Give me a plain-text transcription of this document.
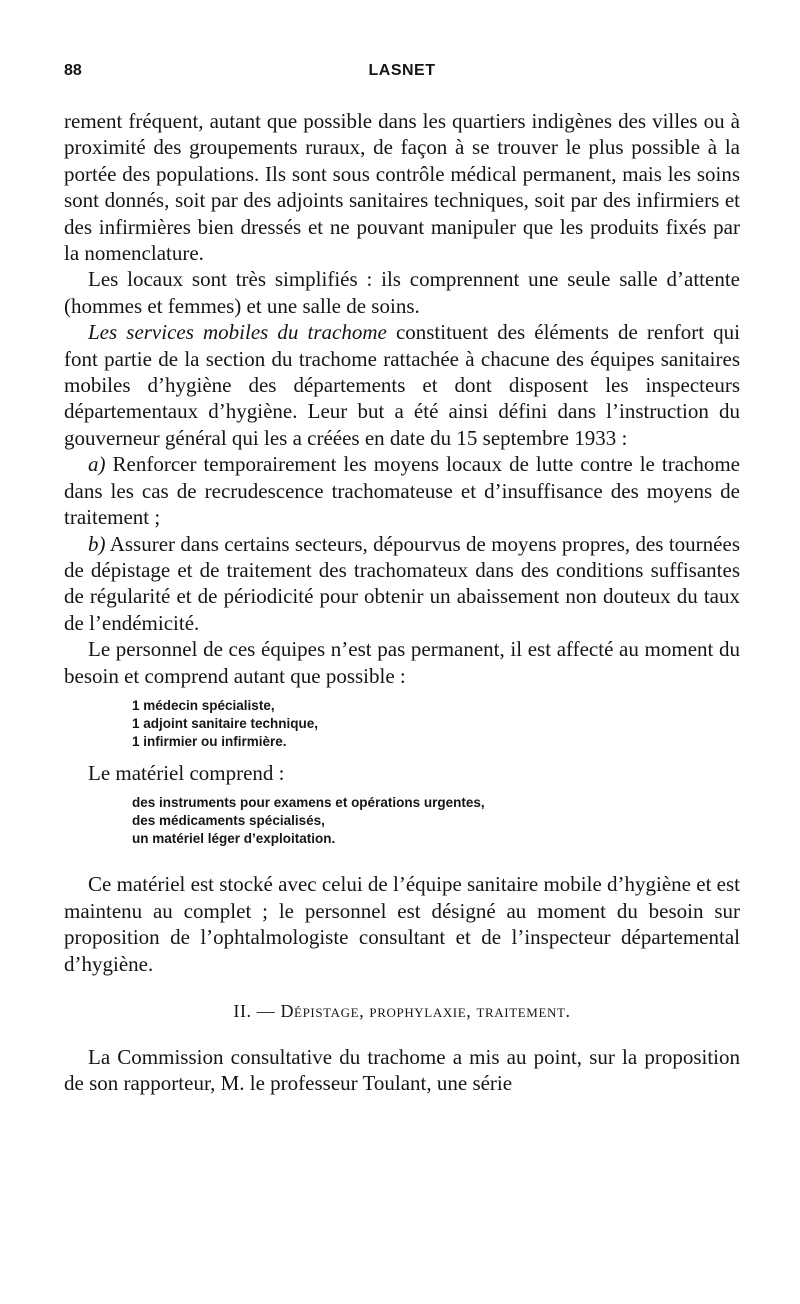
88	LASNET

rement fréquent, autant que possible dans les quartiers indigènes des villes ou à proximité des groupements ruraux, de façon à se trouver le plus possible à la portée des populations. Ils sont sous contrôle médical permanent, mais les soins sont donnés, soit par des adjoints sanitaires techniques, soit par des infirmiers et des infirmières bien dressés et ne pouvant manipuler que les produits fixés par la nomenclature.

Les locaux sont très simplifiés : ils comprennent une seule salle d’attente (hommes et femmes) et une salle de soins.

Les services mobiles du trachome constituent des éléments de renfort qui font partie de la section du trachome rattachée à chacune des équipes sanitaires mobiles d’hygiène des départements et dont disposent les inspecteurs départementaux d’hygiène. Leur but a été ainsi défini dans l’instruction du gouverneur général qui les a créées en date du 15 septembre 1933 :

a) Renforcer temporairement les moyens locaux de lutte contre le trachome dans les cas de recrudescence trachomateuse et d’insuffisance des moyens de traitement ;

b) Assurer dans certains secteurs, dépourvus de moyens propres, des tournées de dépistage et de traitement des trachomateux dans des conditions suffisantes de régularité et de périodicité pour obtenir un abaissement non douteux du taux de l’endémicité.

Le personnel de ces équipes n’est pas permanent, il est affecté au moment du besoin et comprend autant que possible :

1 médecin spécialiste,
1 adjoint sanitaire technique,
1 infirmier ou infirmière.

Le matériel comprend :

des instruments pour examens et opérations urgentes,
des médicaments spécialisés,
un matériel léger d’exploitation.

Ce matériel est stocké avec celui de l’équipe sanitaire mobile d’hygiène et est maintenu au complet ; le personnel est désigné au moment du besoin sur proposition de l’ophtalmologiste consultant et de l’inspecteur départemental d’hygiène.

II. — Dépistage, prophylaxie, traitement.

La Commission consultative du trachome a mis au point, sur la proposition de son rapporteur, M. le professeur Toulant, une série
